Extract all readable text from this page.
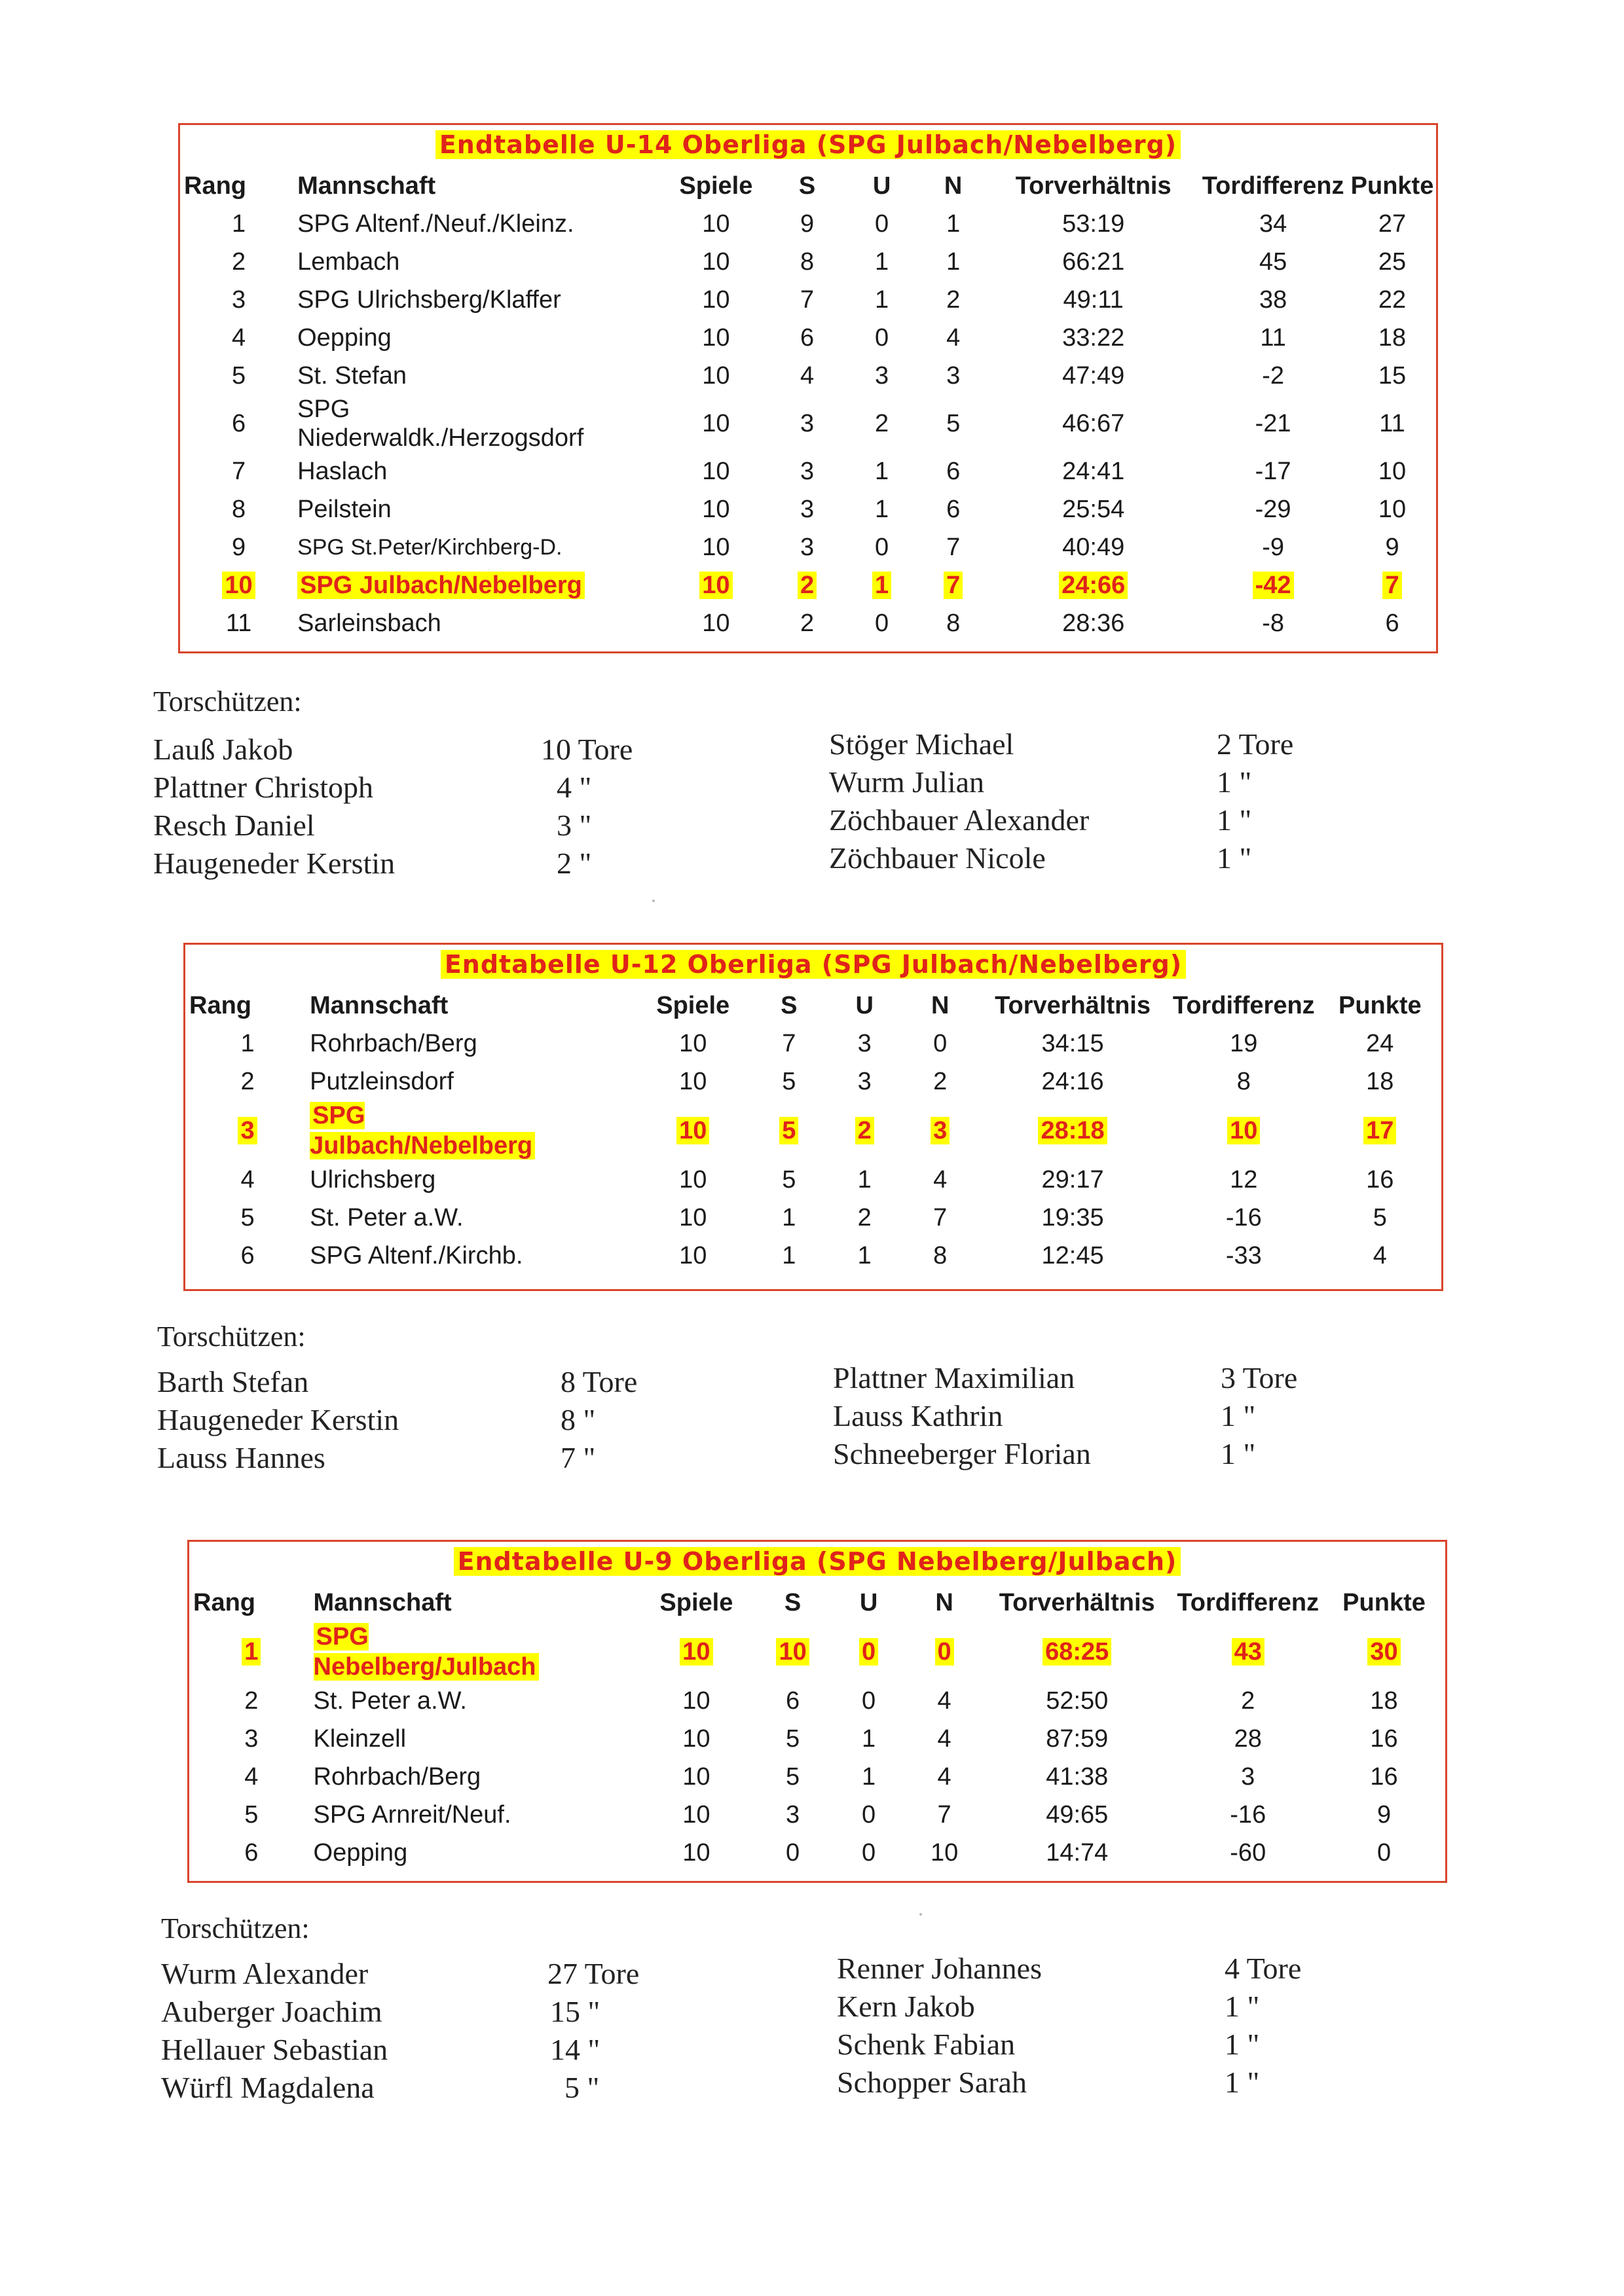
Endtabelle U-14 Oberliga (SPG Julbach/Nebelberg)
Rang	Mannschaft	Spiele	S	U	N	Torverhältnis	Tordifferenz	Punkte
1	SPG Altenf./Neuf./Kleinz.	10	9	0	1	53:19	34	27
2	Lembach	10	8	1	1	66:21	45	25
3	SPG Ulrichsberg/Klaffer	10	7	1	2	49:11	38	22
4	Oepping	10	6	0	4	33:22	11	18
5	St. Stefan	10	4	3	3	47:49	-2	15
6	SPG Niederwaldk./Herzogsdorf	10	3	2	5	46:67	-21	11
7	Haslach	10	3	1	6	24:41	-17	10
8	Peilstein	10	3	1	6	25:54	-29	10
9	SPG St.Peter/Kirchberg-D.	10	3	0	7	40:49	-9	9
10	SPG Julbach/Nebelberg	10	2	1	7	24:66	-42	7
11	Sarleinsbach	10	2	0	8	28:36	-8	6
Torschützen:
Lauß Jakob	10 Tore
Plattner Christoph	4 "
Resch Daniel	3 "
Haugeneder Kerstin	2 "
Stöger Michael	2 Tore
Wurm Julian	1 "
Zöchbauer Alexander	1 "
Zöchbauer Nicole	1 "
Endtabelle U-12 Oberliga (SPG Julbach/Nebelberg)
Rang	Mannschaft	Spiele	S	U	N	Torverhältnis	Tordifferenz	Punkte
1	Rohrbach/Berg	10	7	3	0	34:15	19	24
2	Putzleinsdorf	10	5	3	2	24:16	8	18
3	SPG Julbach/Nebelberg	10	5	2	3	28:18	10	17
4	Ulrichsberg	10	5	1	4	29:17	12	16
5	St. Peter a.W.	10	1	2	7	19:35	-16	5
6	SPG Altenf./Kirchb.	10	1	1	8	12:45	-33	4
Torschützen:
Barth Stefan	8 Tore
Haugeneder Kerstin	8 "
Lauss Hannes	7 "
Plattner Maximilian	3 Tore
Lauss Kathrin	1 "
Schneeberger Florian	1 "
Endtabelle U-9 Oberliga (SPG Nebelberg/Julbach)
Rang	Mannschaft	Spiele	S	U	N	Torverhältnis	Tordifferenz	Punkte
1	SPG Nebelberg/Julbach	10	10	0	0	68:25	43	30
2	St. Peter a.W.	10	6	0	4	52:50	2	18
3	Kleinzell	10	5	1	4	87:59	28	16
4	Rohrbach/Berg	10	5	1	4	41:38	3	16
5	SPG Arnreit/Neuf.	10	3	0	7	49:65	-16	9
6	Oepping	10	0	0	10	14:74	-60	0
Torschützen:
Wurm Alexander	27 Tore
Auberger Joachim	15 "
Hellauer Sebastian	14 "
Würfl Magdalena	5 "
Renner Johannes	4 Tore
Kern Jakob	1 "
Schenk Fabian	1 "
Schopper Sarah	1 "
